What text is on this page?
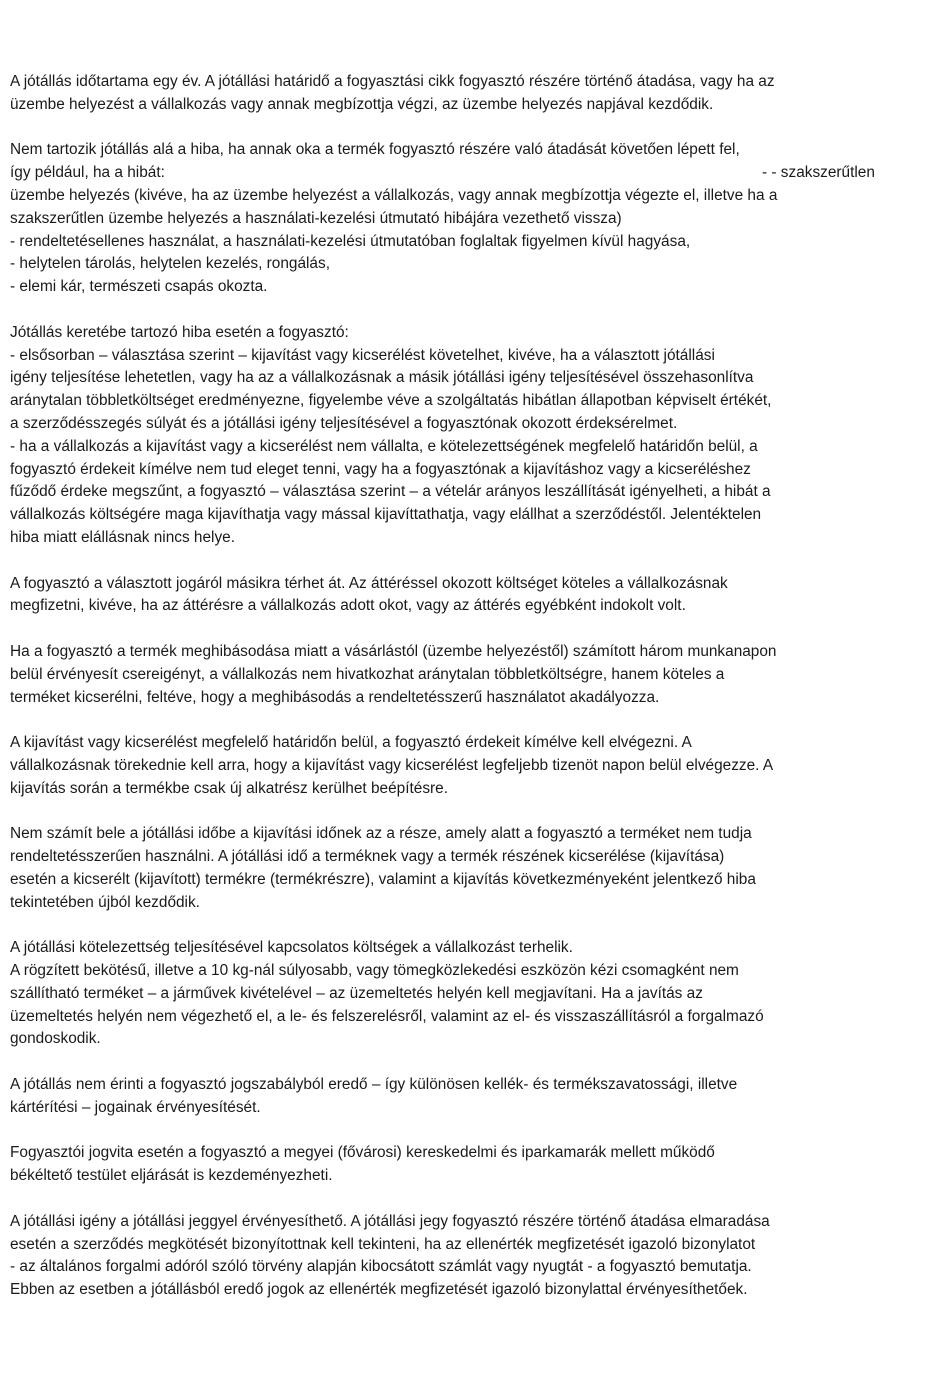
A jótállás időtartama egy év. A jótállási határidő a fogyasztási cikk fogyasztó részére történő átadása, vagy ha az
üzembe helyezést a vállalkozás vagy annak megbízottja végzi, az üzembe helyezés napjával kezdődik.
Nem tartozik jótállás alá a hiba, ha annak oka a termék fogyasztó részére való átadását követően lépett fel,
így például, ha a hibát:	- - szakszerűtlen
üzembe helyezés (kivéve, ha az üzembe helyezést a vállalkozás, vagy annak megbízottja végezte el, illetve ha a
szakszerűtlen üzembe helyezés a használati-kezelési útmutató hibájára vezethető vissza)
- rendeltetésellenes használat, a használati-kezelési útmutatóban foglaltak figyelmen kívül hagyása,
- helytelen tárolás, helytelen kezelés, rongálás,
- elemi kár, természeti csapás okozta.
Jótállás keretébe tartozó hiba esetén a fogyasztó:
- elsősorban – választása szerint – kijavítást vagy kicserélést követelhet, kivéve, ha a választott jótállási
igény teljesítése lehetetlen, vagy ha az a vállalkozásnak a másik jótállási igény teljesítésével összehasonlítva
aránytalan többletköltséget eredményezne, figyelembe véve a szolgáltatás hibátlan állapotban képviselt értékét,
a szerződésszegés súlyát és a jótállási igény teljesítésével a fogyasztónak okozott érdeksérelmet.
- ha a vállalkozás a kijavítást vagy a kicserélést nem vállalta, e kötelezettségének megfelelő határidőn belül, a
fogyasztó érdekeit kímélve nem tud eleget tenni, vagy ha a fogyasztónak a kijavításhoz vagy a kicseréléshez
fűződő érdeke megszűnt, a fogyasztó – választása szerint – a vételár arányos leszállítását igényelheti, a hibát a
vállalkozás költségére maga kijavíthatja vagy mással kijavíttathatja, vagy elállhat a szerződéstől. Jelentéktelen
hiba miatt elállásnak nincs helye.
A fogyasztó a választott jogáról másikra térhet át. Az áttéréssel okozott költséget köteles a vállalkozásnak
megfizetni, kivéve, ha az áttérésre a vállalkozás adott okot, vagy az áttérés egyébként indokolt volt.
Ha a fogyasztó a termék meghibásodása miatt a vásárlástól (üzembe helyezéstől) számított három munkanapon
belül érvényesít csereigényt, a vállalkozás nem hivatkozhat aránytalan többletköltségre, hanem köteles a
terméket kicserélni, feltéve, hogy a meghibásodás a rendeltetésszerű használatot akadályozza.
A kijavítást vagy kicserélést megfelelő határidőn belül, a fogyasztó érdekeit kímélve kell elvégezni. A
vállalkozásnak törekednie kell arra, hogy a kijavítást vagy kicserélést legfeljebb tizenöt napon belül elvégezze. A
kijavítás során a termékbe csak új alkatrész kerülhet beépítésre.
Nem számít bele a jótállási időbe a kijavítási időnek az a része, amely alatt a fogyasztó a terméket nem tudja
rendeltetésszerűen használni. A jótállási idő a terméknek vagy a termék részének kicserélése (kijavítása)
esetén a kicserélt (kijavított) termékre (termékrészre), valamint a kijavítás következményeként jelentkező hiba
tekintetében újból kezdődik.
A jótállási kötelezettség teljesítésével kapcsolatos költségek a vállalkozást terhelik.
A rögzített bekötésű, illetve a 10 kg-nál súlyosabb, vagy tömegközlekedési eszközön kézi csomagként nem
szállítható terméket – a járművek kivételével – az üzemeltetés helyén kell megjavítani. Ha a javítás az
üzemeltetés helyén nem végezhető el, a le- és felszerelésről, valamint az el- és visszaszállításról a forgalmazó
gondoskodik.
A jótállás nem érinti a fogyasztó jogszabályból eredő – így különösen kellék- és termékszavatossági, illetve
kártérítési – jogainak érvényesítését.
Fogyasztói jogvita esetén a fogyasztó a megyei (fővárosi) kereskedelmi és iparkamarák mellett működő
békéltető testület eljárását is kezdeményezheti.
A jótállási igény a jótállási jeggyel érvényesíthető. A jótállási jegy fogyasztó részére történő átadása elmaradása
esetén a szerződés megkötését bizonyítottnak kell tekinteni, ha az ellenérték megfizetését igazoló bizonylatot
- az általános forgalmi adóról szóló törvény alapján kibocsátott számlát vagy nyugtát - a fogyasztó bemutatja.
Ebben az esetben a jótállásból eredő jogok az ellenérték megfizetését igazoló bizonylattal érvényesíthetőek.
